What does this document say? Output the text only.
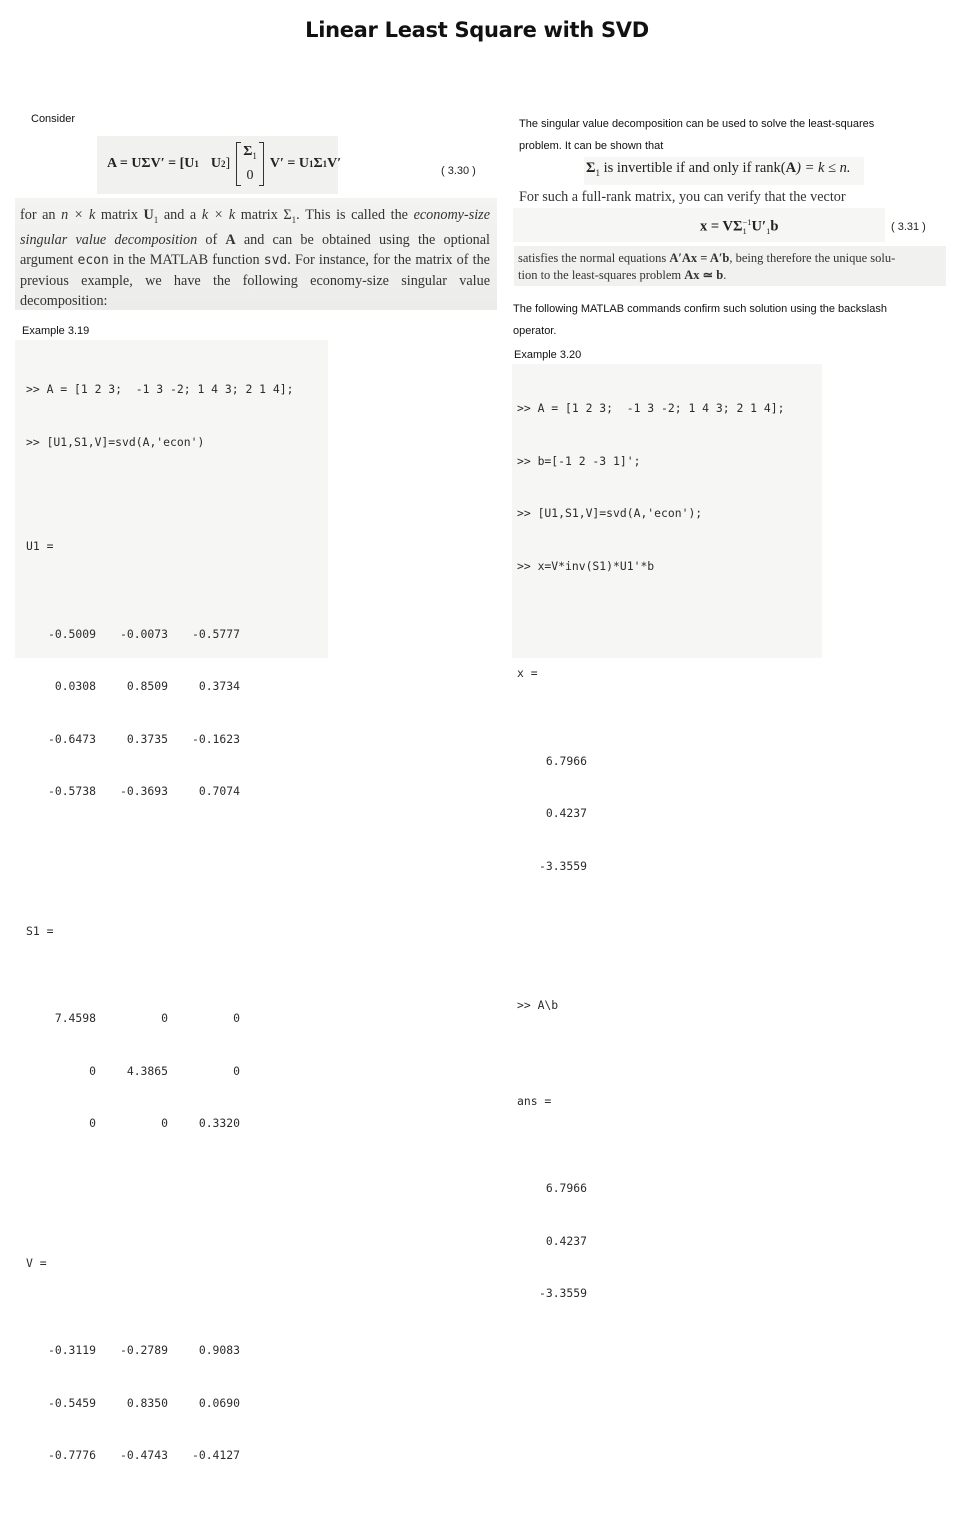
Linear Least Square with SVD
Consider
A = UΣV′ = [U 1 U 2 ]
$\Sigma_1$
0
V′ = U 1 Σ 1 V′	( 3.30 )
for an n × k matrix $U_1$ and a k × k matrix $\Sigma_1$. This is called the economy-size singular value decomposition of A and can be obtained using the optional argument econ in the MATLAB function svd. For instance, for the matrix of the previous example, we have the following economy-size singular value decomposition:
Example 3.19

>> A = [1 2 3;  -1 3 -2; 1 4 3; 2 1 4];

>> [U1,S1,V]=svd(A,'econ')

U1 =

-0.5009	-0.0073	-0.5777

0.0308	0.8509	0.3734

-0.6473	0.3735	-0.1623

-0.5738	-0.3693	0.7074

S1 =

7.4598	0	0

0	4.3865	0

0	0	0.3320

V =

-0.3119	-0.2789	0.9083

-0.5459	0.8350	0.0690

-0.7776	-0.4743	-0.4127

The singular value decomposition can be used to solve the least-squares
problem. It can be shown that
$\Sigma_1$ is invertible if and only if rank(A) = k ≤ n.
For such a full-rank matrix, you can verify that the vector
x = VΣ −1
1 $U'_1b$	( 3.31 )
satisfies the normal equations A′Ax = A′b, being therefore the unique solu-
tion to the least-squares problem Ax ≃ b.
The following MATLAB commands confirm such solution using the backslash
operator.
Example 3.20

>> A = [1 2 3;  -1 3 -2; 1 4 3; 2 1 4];

>> b=[-1 2 -3 1]';

>> [U1,S1,V]=svd(A,'econ');

>> x=V*inv(S1)*U1'*b

x =

6.7966

0.4237

-3.3559

>> A\b

ans =

6.7966

0.4237

-3.3559
